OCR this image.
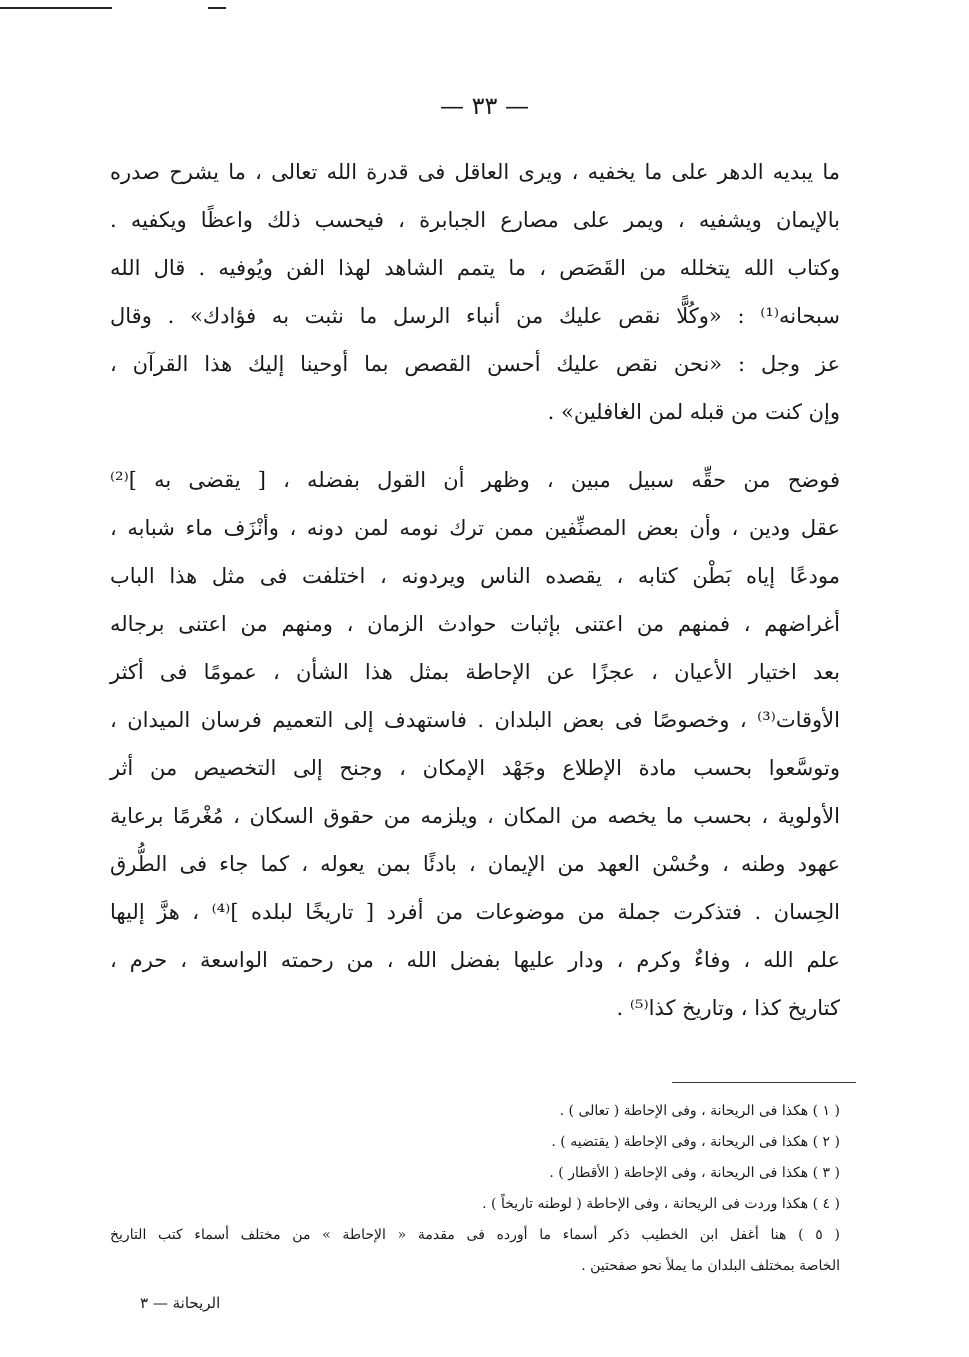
— ٣٣ —
ما يبديه الدهر على ما يخفيه ، ويرى العاقل فى قدرة الله تعالى ، ما يشرح صدره
بالإيمان ويشفيه ، ويمر على مصارع الجبابرة ، فيحسب ذلك واعظًا ويكفيه .
وكتاب الله يتخلله من القَصَص ، ما يتمم الشاهد لهذا الفن ويُوفيه . قال الله
سبحانه⁽¹⁾ : «وكُلًّا نقص عليك من أنباء الرسل ما نثبت به فؤادك» . وقال
عز وجل : «نحن نقص عليك أحسن القصص بما أوحينا إليك هذا القرآن ،
وإن كنت من قبله لمن الغافلين» .
فوضح من حقِّه سبيل مبين ، وظهر أن القول بفضله ، [ يقضى به ]⁽²⁾
عقل ودين ، وأن بعض المصنِّفين ممن ترك نومه لمن دونه ، وأنْزَف ماء شبابه ،
مودعًا إياه بَطْن كتابه ، يقصده الناس ويردونه ، اختلفت فى مثل هذا الباب
أغراضهم ، فمنهم من اعتنى بإثبات حوادث الزمان ، ومنهم من اعتنى برجاله
بعد اختيار الأعيان ، عجزًا عن الإحاطة بمثل هذا الشأن ، عمومًا فى أكثر
الأوقات⁽³⁾ ، وخصوصًا فى بعض البلدان . فاستهدف إلى التعميم فرسان الميدان ،
وتوسَّعوا بحسب مادة الإطلاع وجَهْد الإمكان ، وجنح إلى التخصيص من أثر
الأولوية ، بحسب ما يخصه من المكان ، ويلزمه من حقوق السكان ، مُغْرمًا برعاية
عهود وطنه ، وحُسْن العهد من الإيمان ، بادئًا بمن يعوله ، كما جاء فى الطُّرق
الحِسان . فتذكرت جملة من موضوعات من أفرد [ تاريخًا لبلده ]⁽⁴⁾ ، هزَّ إليها
علم الله ، وفاءٌ وكرم ، ودار عليها بفضل الله ، من رحمته الواسعة ، حرم ،
كتاريخ كذا ، وتاريخ كذا⁽⁵⁾ .
( ١ ) هكذا فى الريحانة ، وفى الإحاطة ( تعالى ) .
( ٢ ) هكذا فى الريحانة ، وفى الإحاطة ( يقتضيه ) .
( ٣ ) هكذا فى الريحانة ، وفى الإحاطة ( الأقطار ) .
( ٤ ) هكذا وردت فى الريحانة ، وفى الإحاطة ( لوطنه تاريخاً ) .
( ٥ ) هنا أغفل ابن الخطيب ذكر أسماء ما أورده فى مقدمة « الإحاطة » من مختلف أسماء كتب التاريخ
الخاصة بمختلف البلدان ما يملأ نحو صفحتين .
الريحانة — ٣
